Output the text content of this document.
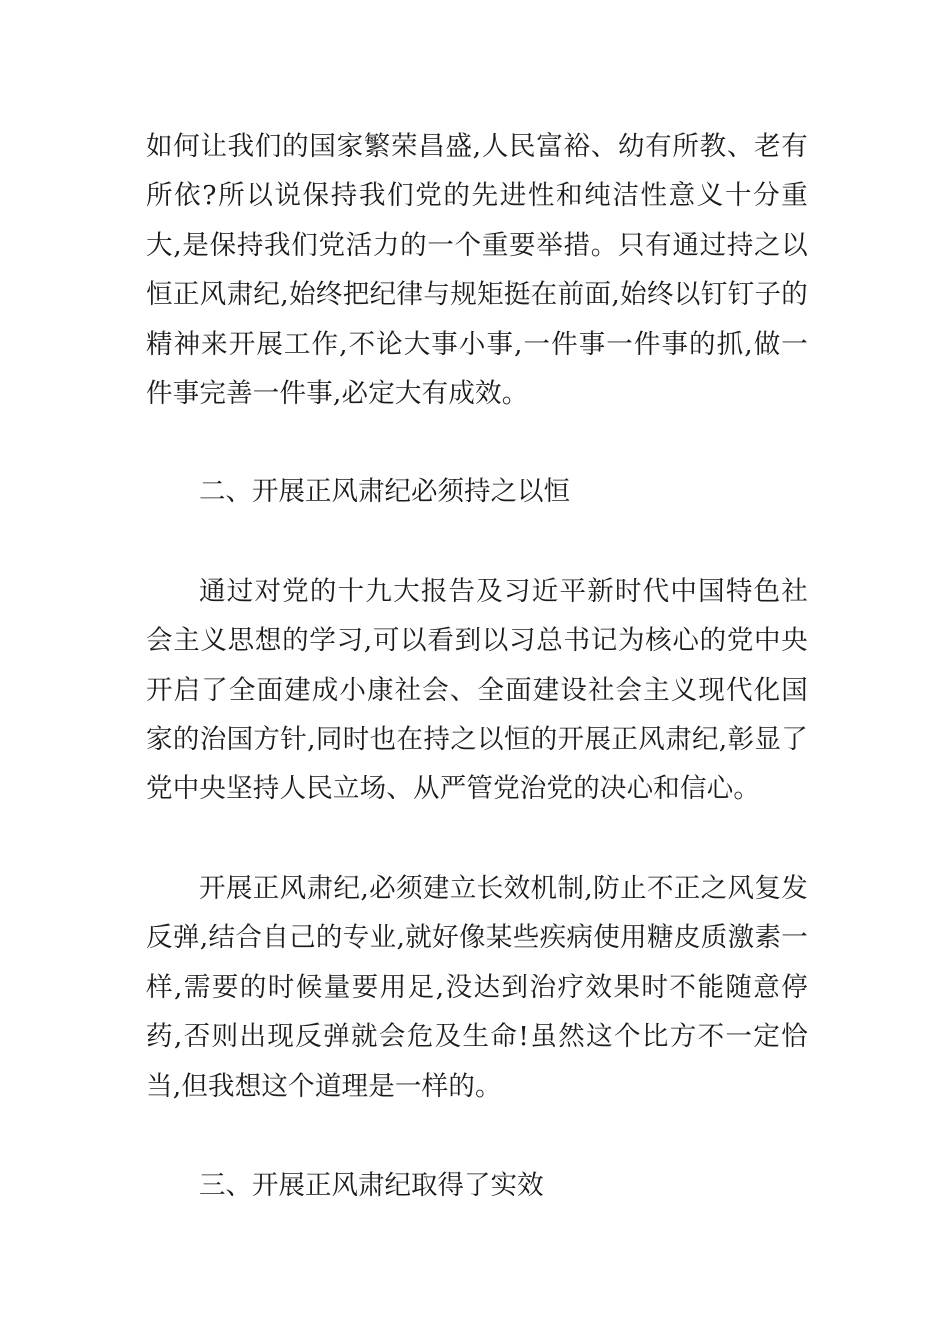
如何让我们的国家繁荣昌盛,人民富裕、幼有所教、老有所依?所以说保持我们党的先进性和纯洁性意义十分重大,是保持我们党活力的一个重要举措。只有通过持之以恒正风肃纪,始终把纪律与规矩挺在前面,始终以钉钉子的精神来开展工作,不论大事小事,一件事一件事的抓,做一件事完善一件事,必定大有成效。

二、开展正风肃纪必须持之以恒

通过对党的十九大报告及习近平新时代中国特色社会主义思想的学习,可以看到以习总书记为核心的党中央开启了全面建成小康社会、全面建设社会主义现代化国家的治国方针,同时也在持之以恒的开展正风肃纪,彰显了党中央坚持人民立场、从严管党治党的决心和信心。

开展正风肃纪,必须建立长效机制,防止不正之风复发反弹,结合自己的专业,就好像某些疾病使用糖皮质激素一样,需要的时候量要用足,没达到治疗效果时不能随意停药,否则出现反弹就会危及生命!虽然这个比方不一定恰当,但我想这个道理是一样的。

三、开展正风肃纪取得了实效
